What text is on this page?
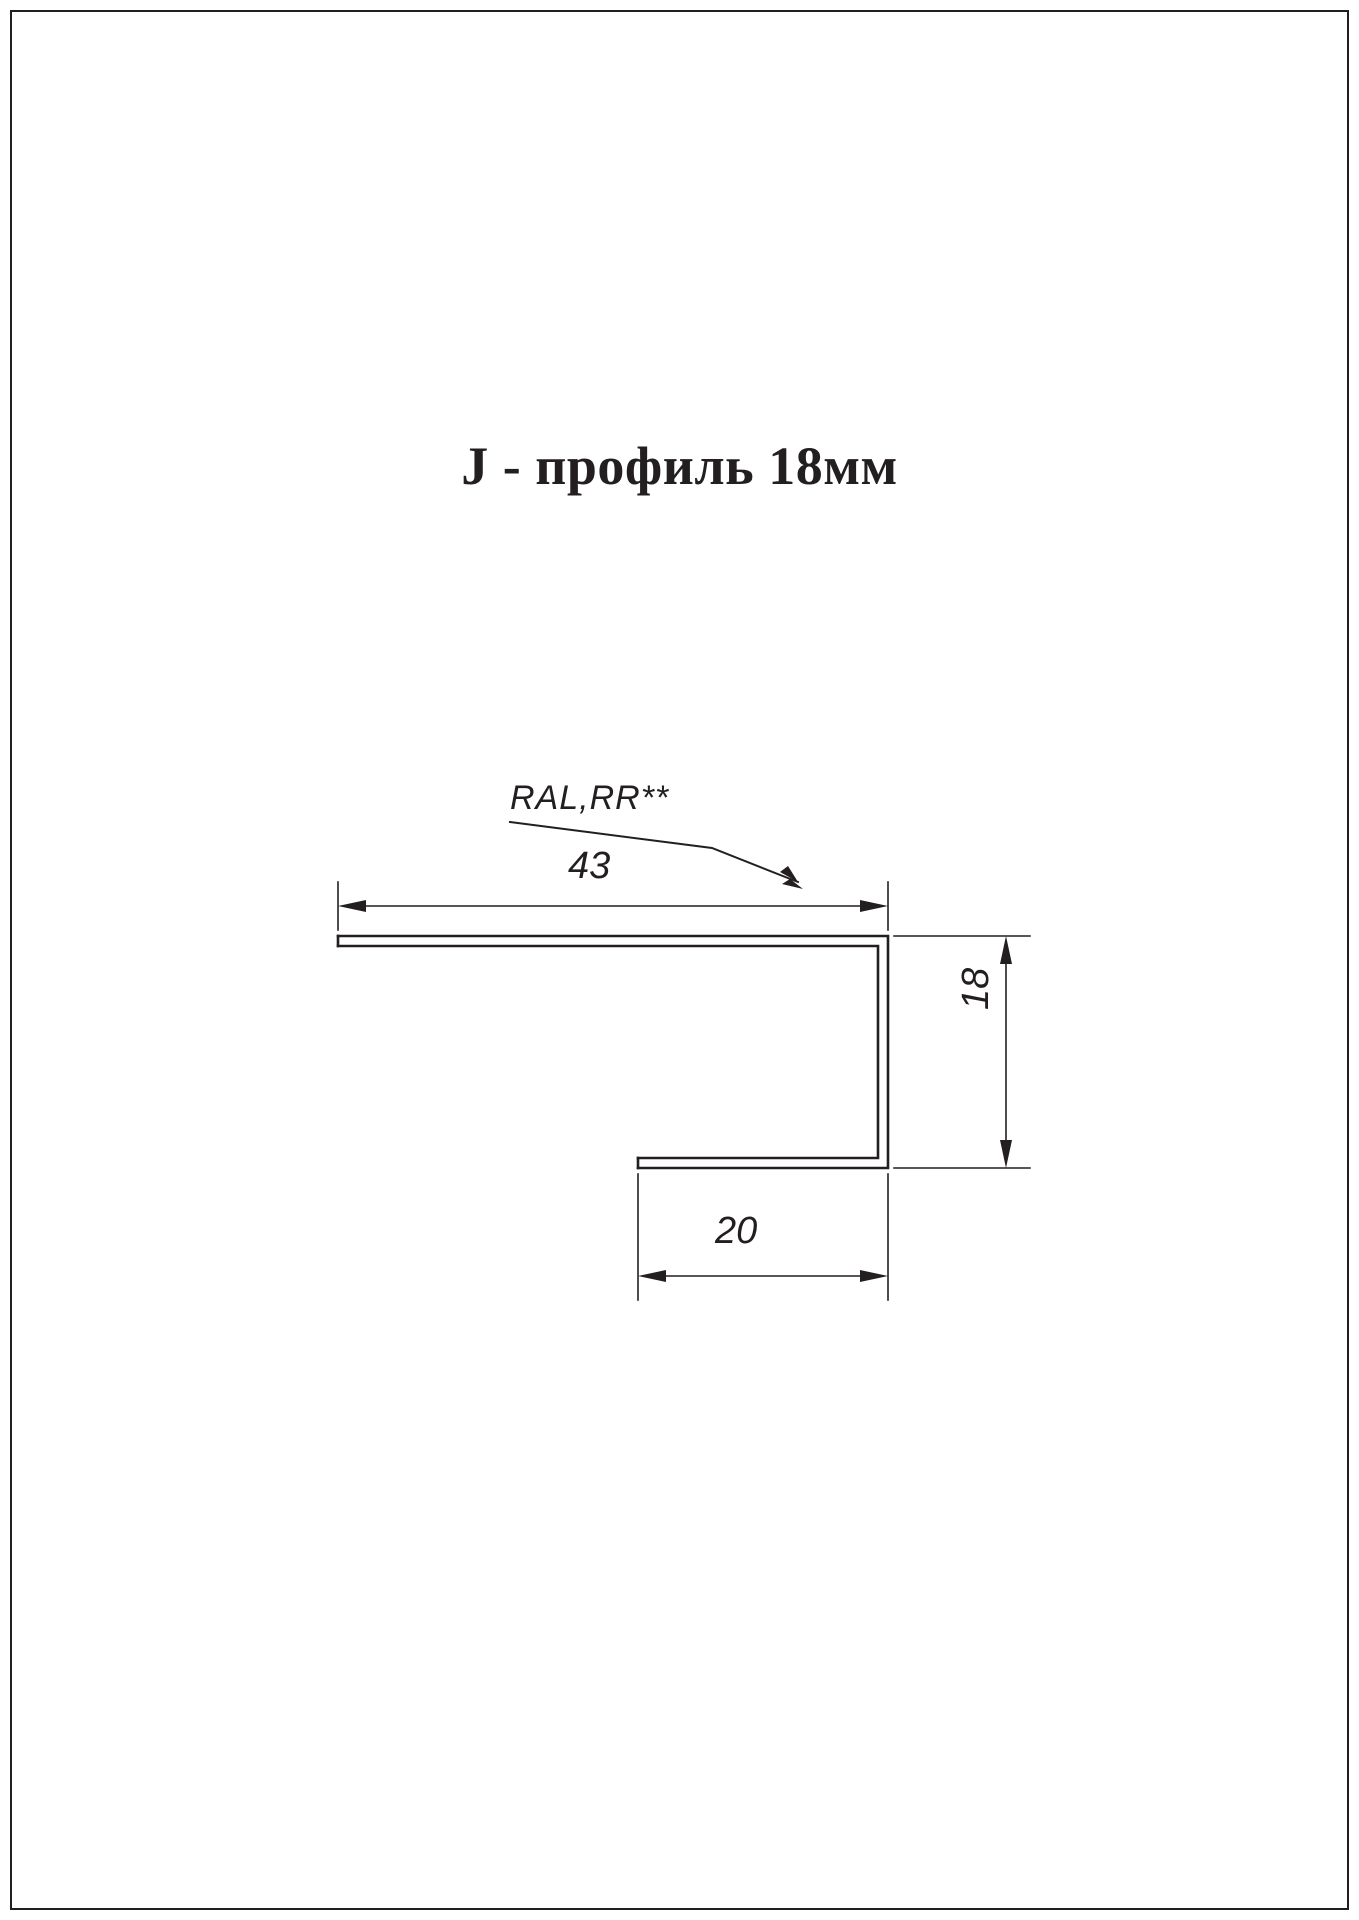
J - профиль 18мм
43
20
18
RAL,RR**
